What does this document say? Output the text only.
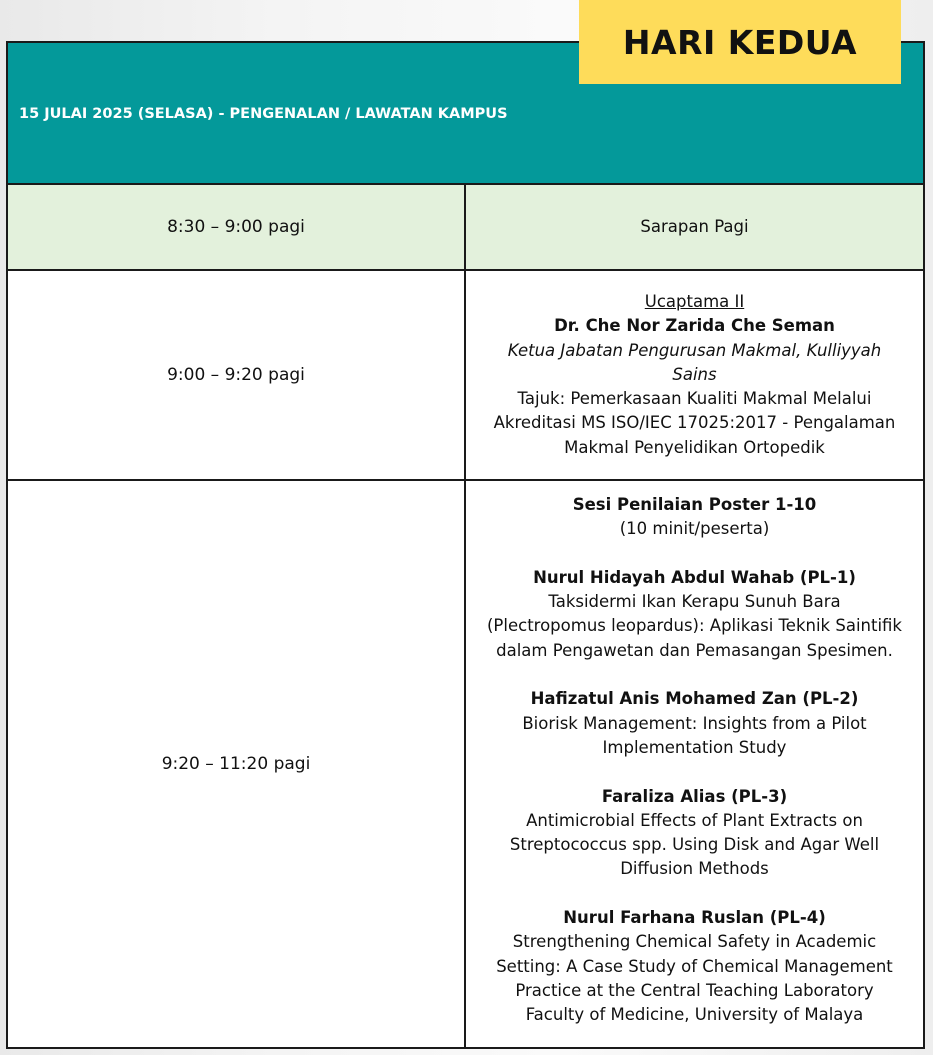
15 JULAI 2025 (SELASA) - PENGENALAN / LAWATAN KAMPUS
8:30 – 9:00 pagi	Sarapan Pagi
9:00 – 9:20 pagi
Ucaptama II
Dr. Che Nor Zarida Che Seman
Ketua Jabatan Pengurusan Makmal, Kulliyyah
Sains
Tajuk: Pemerkasaan Kualiti Makmal Melalui
Akreditasi MS ISO/IEC 17025:2017 - Pengalaman
Makmal Penyelidikan Ortopedik
9:20 – 11:20 pagi
Sesi Penilaian Poster 1-10
(10 minit/peserta)
Nurul Hidayah Abdul Wahab (PL-1)
Taksidermi Ikan Kerapu Sunuh Bara
(Plectropomus leopardus): Aplikasi Teknik Saintifik
dalam Pengawetan dan Pemasangan Spesimen.
Hafizatul Anis Mohamed Zan (PL-2)
Biorisk Management: Insights from a Pilot
Implementation Study
Faraliza Alias (PL-3)
Antimicrobial Effects of Plant Extracts on
Streptococcus spp. Using Disk and Agar Well
Diffusion Methods
Nurul Farhana Ruslan (PL-4)
Strengthening Chemical Safety in Academic
Setting: A Case Study of Chemical Management
Practice at the Central Teaching Laboratory
Faculty of Medicine, University of Malaya
HARI KEDUA
